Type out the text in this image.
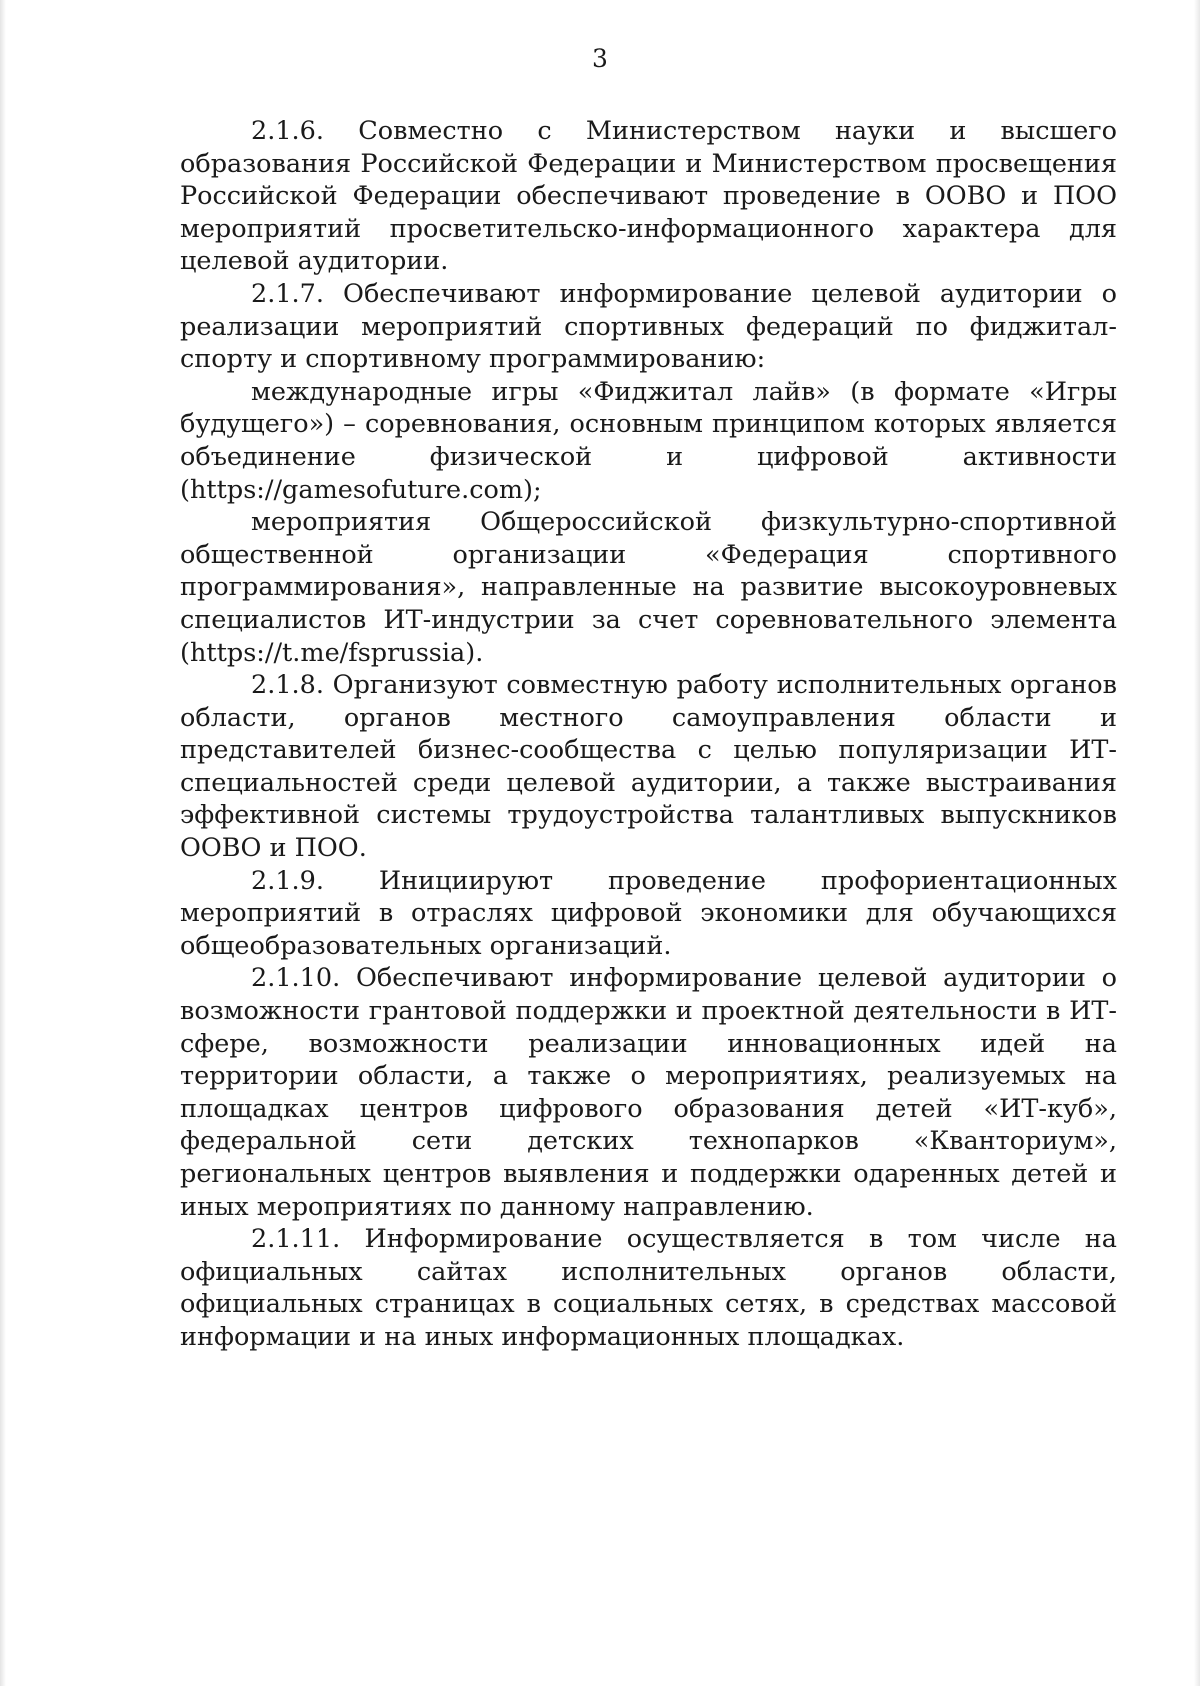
3

2.1.6. Совместно с Министерством науки и высшего образования Российской Федерации и Министерством просвещения Российской Федерации обеспечивают проведение в ООВО и ПОО мероприятий просветительско-информационного характера для целевой аудитории.

2.1.7. Обеспечивают информирование целевой аудитории о реализации мероприятий спортивных федераций по фиджитал-спорту и спортивному программированию:

международные игры «Фиджитал лайв» (в формате «Игры будущего») – соревнования, основным принципом которых является объединение физической и цифровой активности (https://gamesofuture.com);

мероприятия Общероссийской физкультурно-спортивной общественной организации «Федерация спортивного программирования», направленные на развитие высокоуровневых специалистов ИТ-индустрии за счет соревновательного элемента (https://t.me/fsprussia).

2.1.8. Организуют совместную работу исполнительных органов области, органов местного самоуправления области и представителей бизнес-сообщества с целью популяризации ИТ-специальностей среди целевой аудитории, а также выстраивания эффективной системы трудоустройства талантливых выпускников ООВО и ПОО.

2.1.9. Инициируют проведение профориентационных мероприятий в отраслях цифровой экономики для обучающихся общеобразовательных организаций.

2.1.10. Обеспечивают информирование целевой аудитории о возможности грантовой поддержки и проектной деятельности в ИТ-сфере, возможности реализации инновационных идей на территории области, а также о мероприятиях, реализуемых на площадках центров цифрового образования детей «ИТ-куб», федеральной сети детских технопарков «Кванториум», региональных центров выявления и поддержки одаренных детей и иных мероприятиях по данному направлению.

2.1.11. Информирование осуществляется в том числе на официальных сайтах исполнительных органов области, официальных страницах в социальных сетях, в средствах массовой информации и на иных информационных площадках.
